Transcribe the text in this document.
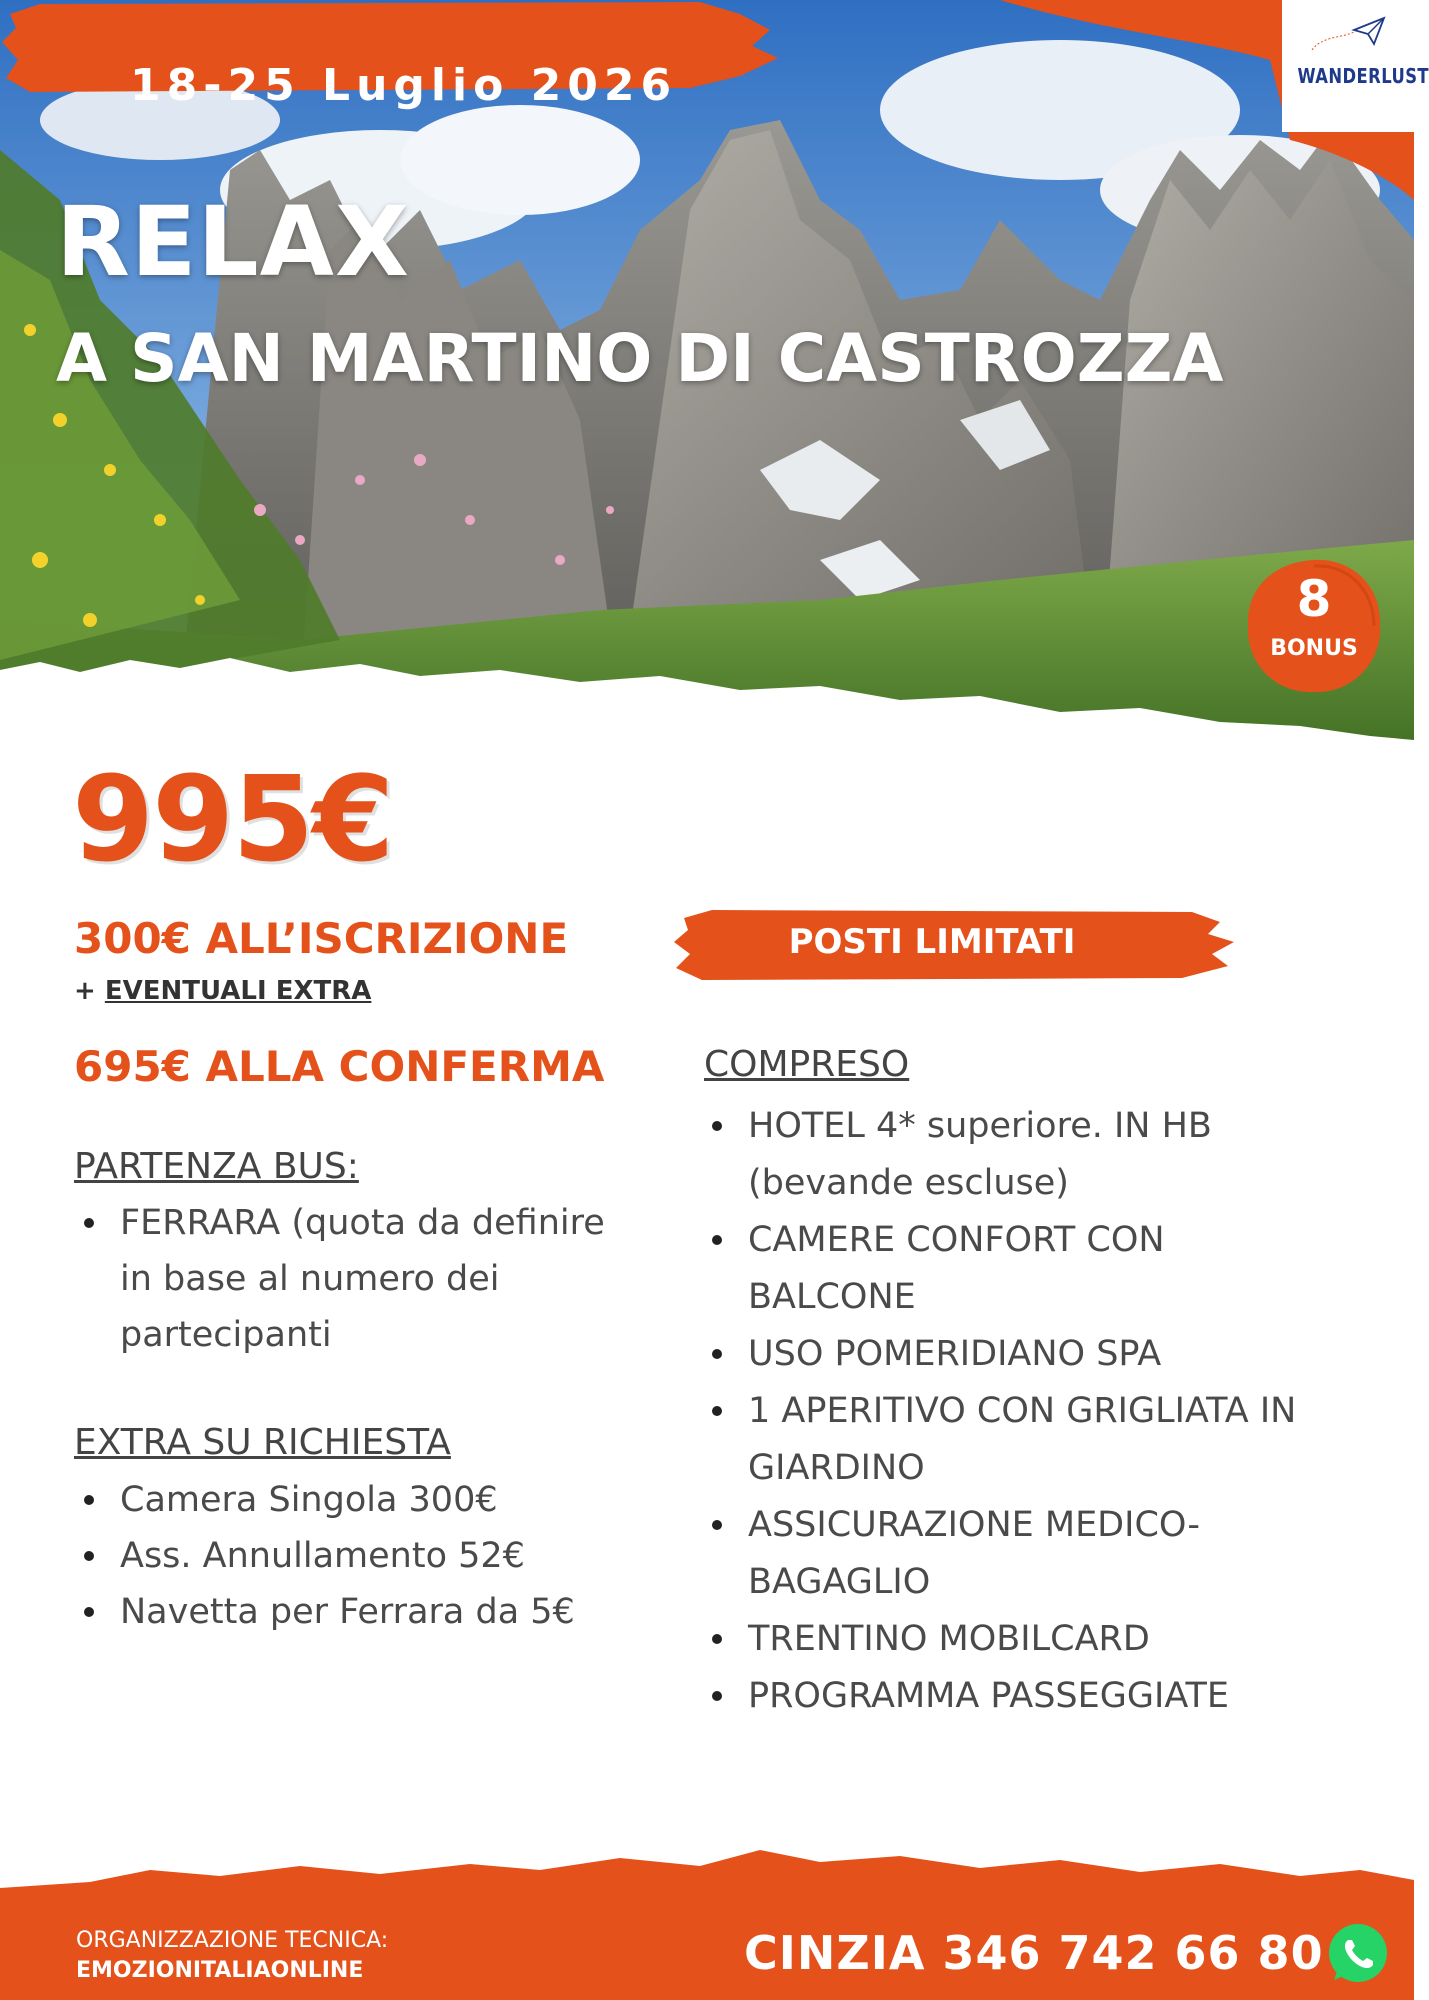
18-25 Luglio 2026	WANDERLUST
RELAX
A SAN MARTINO DI CASTROZZA
8
BONUS
995€
300€ ALL’ISCRIZIONE
+ EVENTUALI EXTRA
695€ ALLA CONFERMA
PARTENZA BUS:
FERRARA (quota da definire in base al numero dei partecipanti
EXTRA SU RICHIESTA
Camera Singola 300€
Ass. Annullamento 52€
Navetta per Ferrara da 5€
POSTI LIMITATI
COMPRESO
HOTEL 4* superiore. IN HB (bevande escluse)
CAMERE CONFORT CON BALCONE
USO POMERIDIANO SPA
1 APERITIVO CON GRIGLIATA IN GIARDINO
ASSICURAZIONE MEDICO-BAGAGLIO
TRENTINO MOBILCARD
PROGRAMMA PASSEGGIATE
ORGANIZZAZIONE TECNICA:
EMOZIONITALIAONLINE	CINZIA 346 742 66 80
